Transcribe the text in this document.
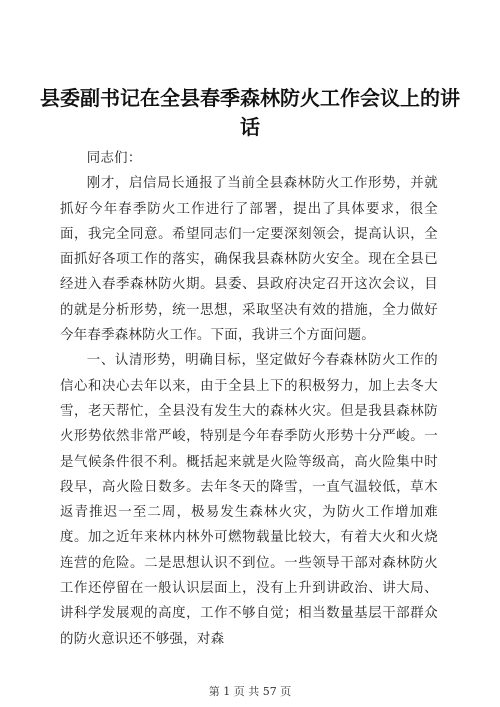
县委副书记在全县春季森林防火工作会议上的讲话

同志们：

刚才，启信局长通报了当前全县森林防火工作形势，并就抓好今年春季防火工作进行了部署，提出了具体要求，很全面，我完全同意。希望同志们一定要深刻领会，提高认识，全面抓好各项工作的落实，确保我县森林防火安全。现在全县已经进入春季森林防火期。县委、县政府决定召开这次会议，目的就是分析形势，统一思想，采取坚决有效的措施，全力做好今年春季森林防火工作。下面，我讲三个方面问题。

一、认清形势，明确目标，坚定做好今春森林防火工作的信心和决心去年以来，由于全县上下的积极努力，加上去冬大雪，老天帮忙，全县没有发生大的森林火灾。但是我县森林防火形势依然非常严峻，特别是今年春季防火形势十分严峻。一是气候条件很不利。概括起来就是火险等级高，高火险集中时段早，高火险日数多。去年冬天的降雪，一直气温较低，草木返青推迟一至二周，极易发生森林火灾，为防火工作增加难度。加之近年来林内林外可燃物载量比较大，有着大火和火烧连营的危险。二是思想认识不到位。一些领导干部对森林防火工作还停留在一般认识层面上，没有上升到讲政治、讲大局、讲科学发展观的高度，工作不够自觉；相当数量基层干部群众的防火意识还不够强，对森

第 1 页 共 57 页
